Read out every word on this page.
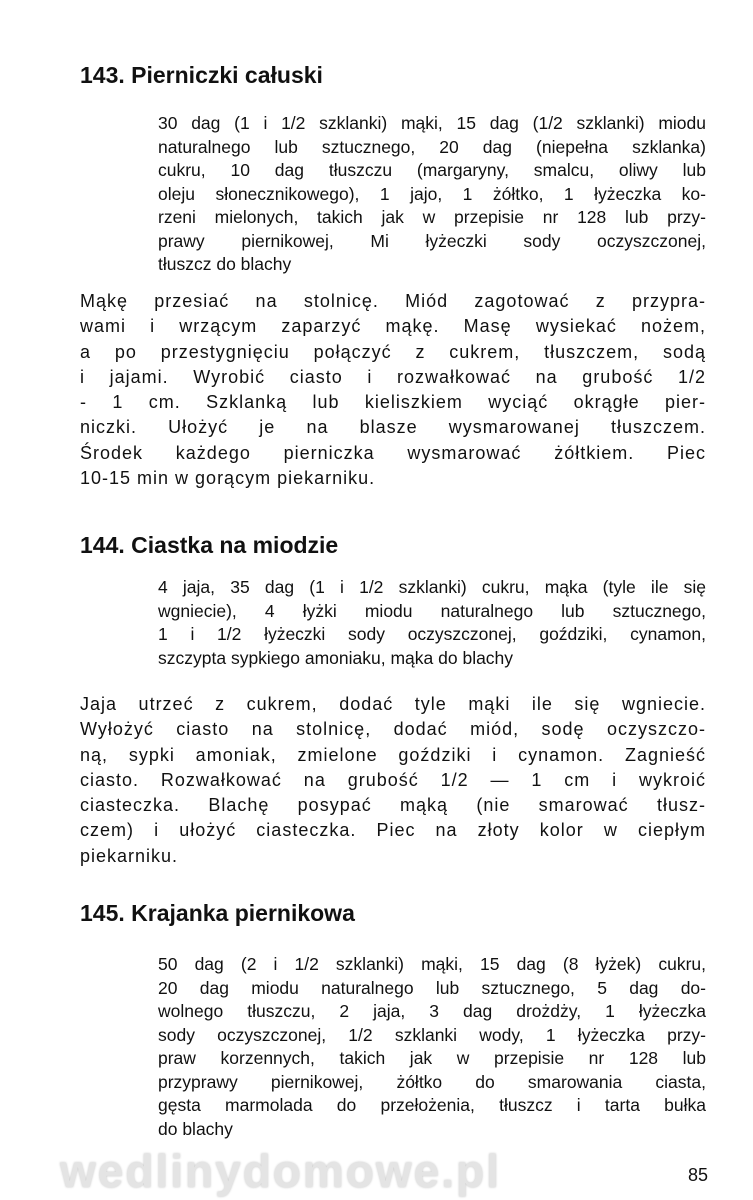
143. Pierniczki całuski
30 dag (1 i 1/2 szklanki) mąki, 15 dag (1/2 szklanki) miodu
naturalnego lub sztucznego, 20 dag (niepełna szklanka)
cukru, 10 dag tłuszczu (margaryny, smalcu, oliwy lub
oleju słonecznikowego), 1 jajo, 1 żółtko, 1 łyżeczka ko-
rzeni mielonych, takich jak w przepisie nr 128 lub przy-
prawy piernikowej, Mi łyżeczki sody oczyszczonej,
tłuszcz do blachy
Mąkę przesiać na stolnicę. Miód zagotować z przypra-
wami i wrzącym zaparzyć mąkę. Masę wysiekać nożem,
a po przestygnięciu połączyć z cukrem, tłuszczem, sodą
i jajami. Wyrobić ciasto i rozwałkować na grubość 1/2
- 1 cm. Szklanką lub kieliszkiem wyciąć okrągłe pier-
niczki. Ułożyć je na blasze wysmarowanej tłuszczem.
Środek każdego pierniczka wysmarować żółtkiem. Piec
10-15 min w gorącym piekarniku.
144. Ciastka na miodzie
4 jaja, 35 dag (1 i 1/2 szklanki) cukru, mąka (tyle ile się
wgniecie), 4 łyżki miodu naturalnego lub sztucznego,
1 i 1/2 łyżeczki sody oczyszczonej, goździki, cynamon,
szczypta sypkiego amoniaku, mąka do blachy
Jaja utrzeć z cukrem, dodać tyle mąki ile się wgniecie.
Wyłożyć ciasto na stolnicę, dodać miód, sodę oczyszczo-
ną, sypki amoniak, zmielone goździki i cynamon. Zagnieść
ciasto. Rozwałkować na grubość 1/2 — 1 cm i wykroić
ciasteczka. Blachę posypać mąką (nie smarować tłusz-
czem) i ułożyć ciasteczka. Piec na złoty kolor w ciepłym
piekarniku.
145. Krajanka piernikowa
50 dag (2 i 1/2 szklanki) mąki, 15 dag (8 łyżek) cukru,
20 dag miodu naturalnego lub sztucznego, 5 dag do-
wolnego tłuszczu, 2 jaja, 3 dag drożdży, 1 łyżeczka
sody oczyszczonej, 1/2 szklanki wody, 1 łyżeczka przy-
praw korzennych, takich jak w przepisie nr 128 lub
przyprawy piernikowej, żółtko do smarowania ciasta,
gęsta marmolada do przełożenia, tłuszcz i tarta bułka
do blachy
wedlinydomowe.pl	85
